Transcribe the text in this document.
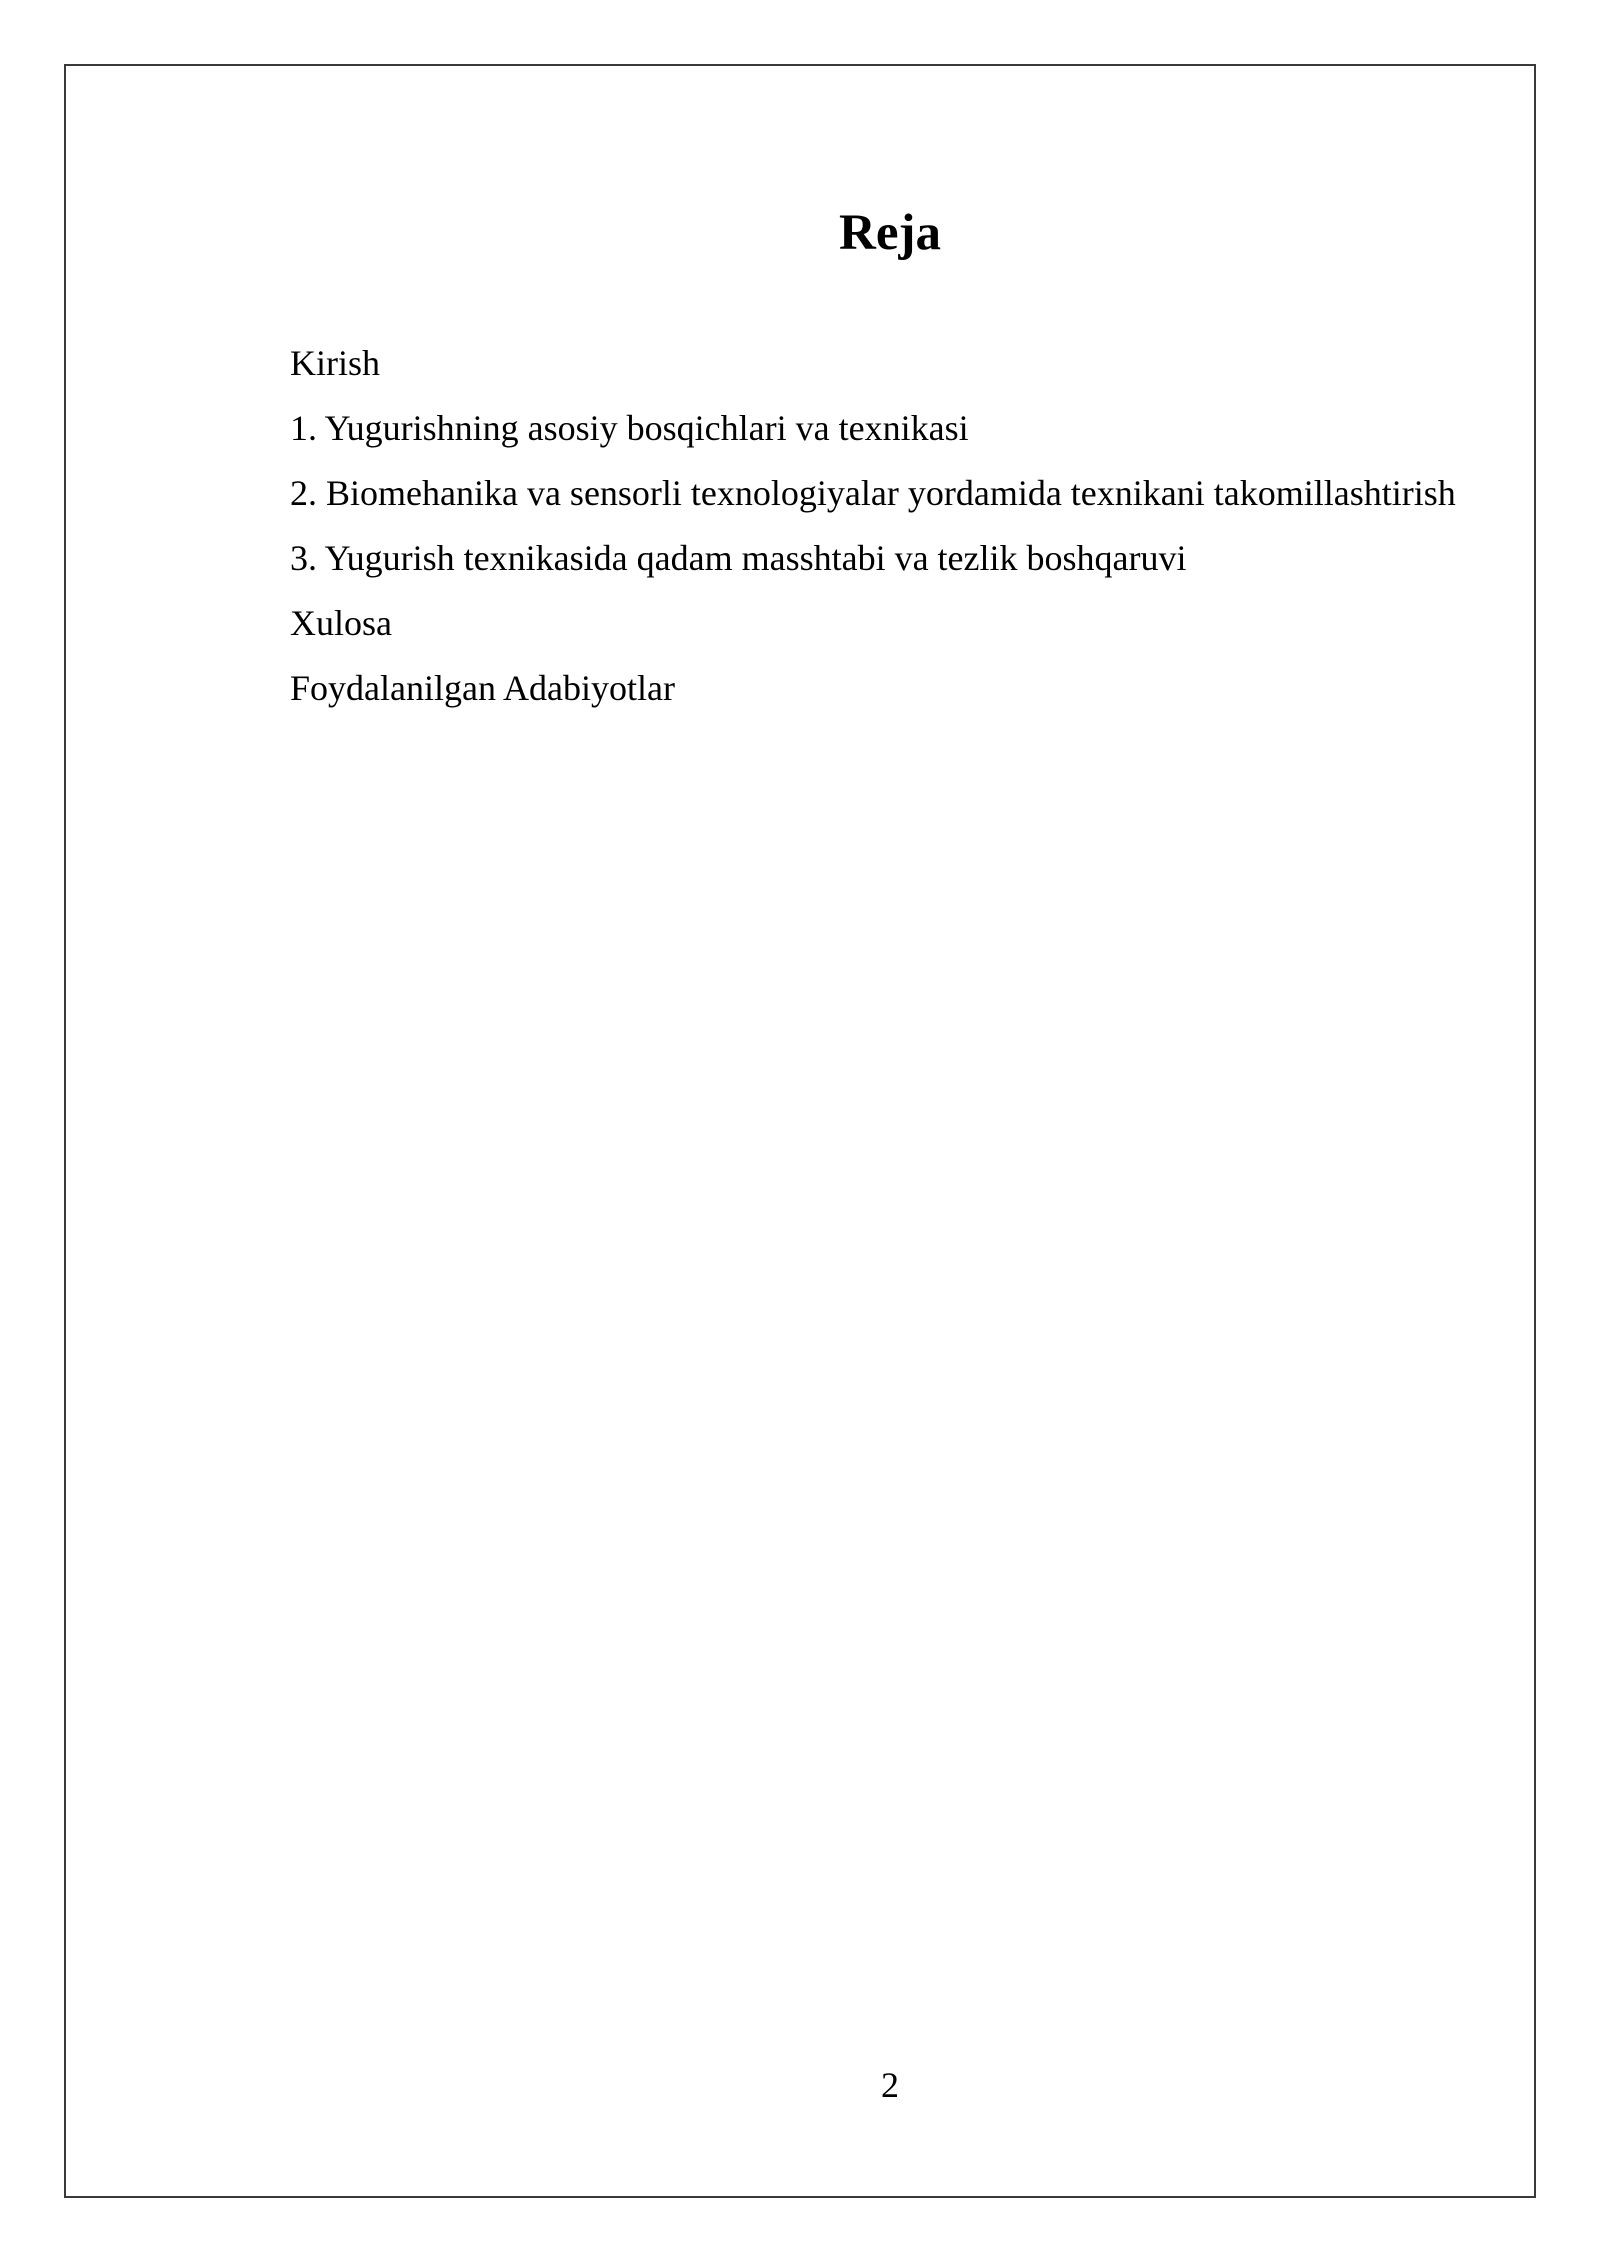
Reja
Kirish
1. Yugurishning asosiy bosqichlari va texnikasi
2. Biomehanika va sensorli texnologiyalar yordamida texnikani takomillashtirish
3. Yugurish texnikasida qadam masshtabi va tezlik boshqaruvi
Xulosa
Foydalanilgan Adabiyotlar
2
